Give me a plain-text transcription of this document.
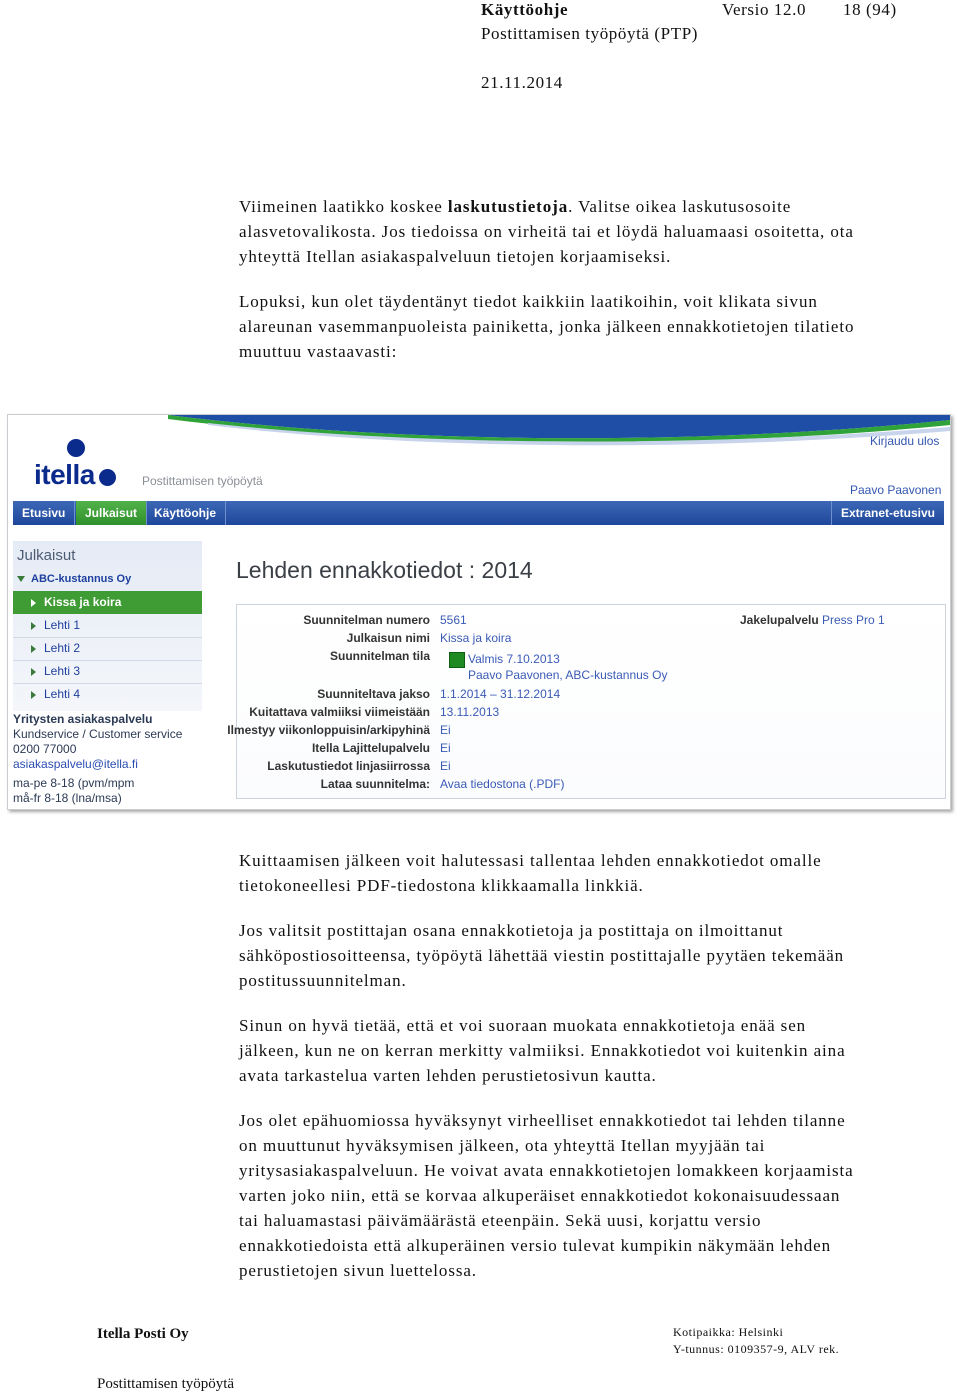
Käyttöohje	Versio 12.0 18 (94)
Postittamisen työpöytä (PTP)
21.11.2014
Viimeinen laatikko koskee laskutustietoja. Valitse oikea laskutusosoite
alasvetovalikosta. Jos tiedoissa on virheitä tai et löydä haluamaasi osoitetta, ota
yhteyttä Itellan asiakaspalveluun tietojen korjaamiseksi.
Lopuksi, kun olet täydentänyt tiedot kaikkiin laatikoihin, voit klikata sivun
alareunan vasemmanpuoleista painiketta, jonka jälkeen ennakkotietojen tilatieto
muuttuu vastaavasti:
itella	Postittamisen työpöytä
Kirjaudu ulos
Paavo Paavonen
Etusivu	Julkaisut	Käyttöohje	Extranet-etusivu
Julkaisut
ABC-kustannus Oy
Kissa ja koira
Lehti 1
Lehti 2
Lehti 3
Lehti 4
Yritysten asiakaspalvelu
Kundservice / Customer service
0200 77000
asiakaspalvelu@itella.fi
ma-pe 8-18 (pvm/mpm
må-fr 8-18 (lna/msa)
Lehden ennakkotiedot : 2014
Suunnitelman numero 5561
Julkaisun nimi Kissa ja koira
Suunnitelman tila	Valmis 7.10.2013
Paavo Paavonen, ABC-kustannus Oy
Suunniteltava jakso 1.1.2014 – 31.12.2014
Kuitattava valmiiksi viimeistään 13.11.2013
Ilmestyy viikonloppuisin/arkipyhinä Ei
Itella Lajittelupalvelu Ei
Laskutustiedot linjasiirrossa Ei
Lataa suunnitelma: Avaa tiedostona (.PDF)
Jakelupalvelu Press Pro 1
Kuittaamisen jälkeen voit halutessasi tallentaa lehden ennakkotiedot omalle
tietokoneellesi PDF-tiedostona klikkaamalla linkkiä.
Jos valitsit postittajan osana ennakkotietoja ja postittaja on ilmoittanut
sähköpostiosoitteensa, työpöytä lähettää viestin postittajalle pyytäen tekemään
postitussuunnitelman.
Sinun on hyvä tietää, että et voi suoraan muokata ennakkotietoja enää sen
jälkeen, kun ne on kerran merkitty valmiiksi. Ennakkotiedot voi kuitenkin aina
avata tarkastelua varten lehden perustietosivun kautta.
Jos olet epähuomiossa hyväksynyt virheelliset ennakkotiedot tai lehden tilanne
on muuttunut hyväksymisen jälkeen, ota yhteyttä Itellan myyjään tai
yritysasiakaspalveluun. He voivat avata ennakkotietojen lomakkeen korjaamista
varten joko niin, että se korvaa alkuperäiset ennakkotiedot kokonaisuudessaan
tai haluamastasi päivämäärästä eteenpäin. Sekä uusi, korjattu versio
ennakkotiedoista että alkuperäinen versio tulevat kumpikin näkymään lehden
perustietojen sivun luettelossa.
Itella Posti Oy
Postittamisen työpöytä
Kotipaikka: Helsinki
Y-tunnus: 0109357-9, ALV rek.
